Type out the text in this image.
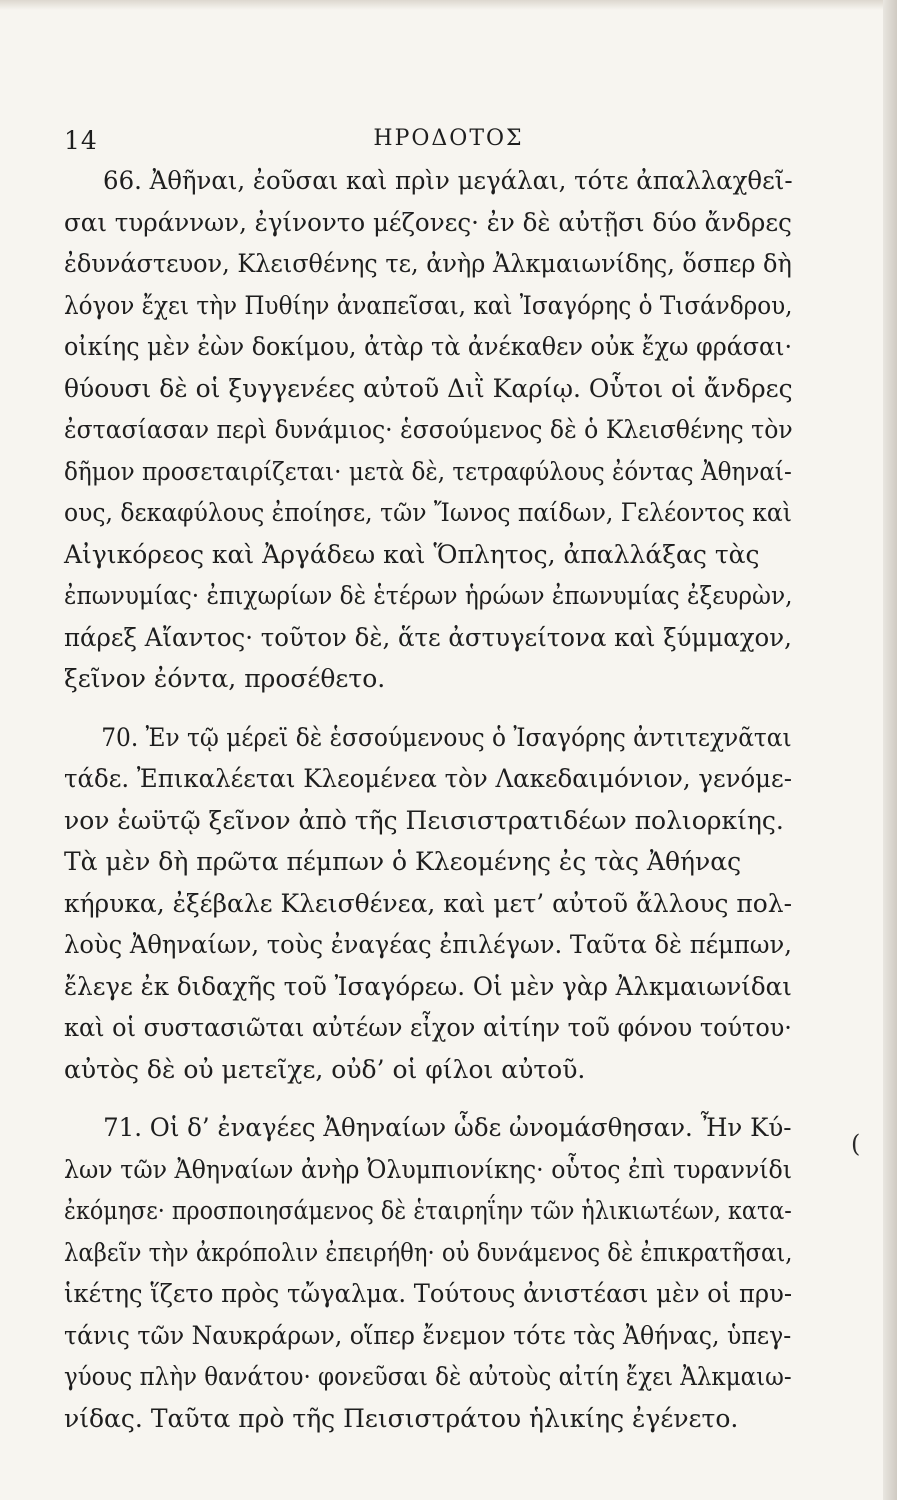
14	ΗΡΟΔΟΤΟΣ
66. Ἀθῆναι, ἐοῦσαι καὶ πρὶν μεγάλαι, τότε ἀπαλλαχθεῖ-
σαι τυράννων, ἐγίνοντο μέζονες· ἐν δὲ αὐτῇσι δύο ἄνδρες
ἐδυνάστευον, Κλεισθένης τε, ἀνὴρ Ἀλκμαιωνίδης, ὅσπερ δὴ
λόγον ἔχει τὴν Πυθίην ἀναπεῖσαι, καὶ Ἰσαγόρης ὁ Τισάνδρου,
οἰκίης μὲν ἐὼν δοκίμου, ἀτὰρ τὰ ἀνέκαθεν οὐκ ἔχω φράσαι·
θύουσι δὲ οἱ ξυγγενέες αὐτοῦ Διῒ Καρίῳ. Οὗτοι οἱ ἄνδρες
ἐστασίασαν περὶ δυνάμιος· ἑσσούμενος δὲ ὁ Κλεισθένης τὸν
δῆμον προσεταιρίζεται· μετὰ δὲ, τετραφύλους ἐόντας Ἀθηναί-
ους, δεκαφύλους ἐποίησε, τῶν Ἴωνος παίδων, Γελέοντος καὶ
Αἰγικόρεος καὶ Ἀργάδεω καὶ Ὅπλητος, ἀπαλλάξας τὰς
ἐπωνυμίας· ἐπιχωρίων δὲ ἑτέρων ἡρώων ἐπωνυμίας ἐξευρὼν,
πάρεξ Αἴαντος· τοῦτον δὲ, ἅτε ἀστυγείτονα καὶ ξύμμαχον,
ξεῖνον ἐόντα, προσέθετο.
70. Ἐν τῷ μέρεϊ δὲ ἑσσούμενους ὁ Ἰσαγόρης ἀντιτεχνᾶται
τάδε. Ἐπικαλέεται Κλεομένεα τὸν Λακεδαιμόνιον, γενόμε-
νον ἑωϋτῷ ξεῖνον ἀπὸ τῆς Πεισιστρατιδέων πολιορκίης.
Τὰ μὲν δὴ πρῶτα πέμπων ὁ Κλεομένης ἐς τὰς Ἀθήνας
κήρυκα, ἐξέβαλε Κλεισθένεα, καὶ μετ’ αὐτοῦ ἄλλους πολ-
λοὺς Ἀθηναίων, τοὺς ἐναγέας ἐπιλέγων. Ταῦτα δὲ πέμπων,
ἔλεγε ἐκ διδαχῆς τοῦ Ἰσαγόρεω. Οἱ μὲν γὰρ Ἀλκμαιωνίδαι
καὶ οἱ συστασιῶται αὐτέων εἶχον αἰτίην τοῦ φόνου τούτου·
αὐτὸς δὲ οὐ μετεῖχε, οὐδ’ οἱ φίλοι αὐτοῦ.
71. Οἱ δ’ ἐναγέες Ἀθηναίων ὧδε ὠνομάσθησαν. Ἦν Κύ-
λων τῶν Ἀθηναίων ἀνὴρ Ὀλυμπιονίκης· οὗτος ἐπὶ τυραννίδι
ἐκόμησε· προσποιησάμενος δὲ ἑταιρηΐην τῶν ἡλικιωτέων, κατα-
λαβεῖν τὴν ἀκρόπολιν ἐπειρήθη· οὐ δυνάμενος δὲ ἐπικρατῆσαι,
ἱκέτης ἵζετο πρὸς τὤγαλμα. Τούτους ἀνιστέασι μὲν οἱ πρυ-
τάνις τῶν Ναυκράρων, οἵπερ ἔνεμον τότε τὰς Ἀθήνας, ὑπεγ-
γύους πλὴν θανάτου· φονεῦσαι δὲ αὐτοὺς αἰτίη ἔχει Ἀλκμαιω-
νίδας. Ταῦτα πρὸ τῆς Πεισιστράτου ἡλικίης ἐγένετο.
(
